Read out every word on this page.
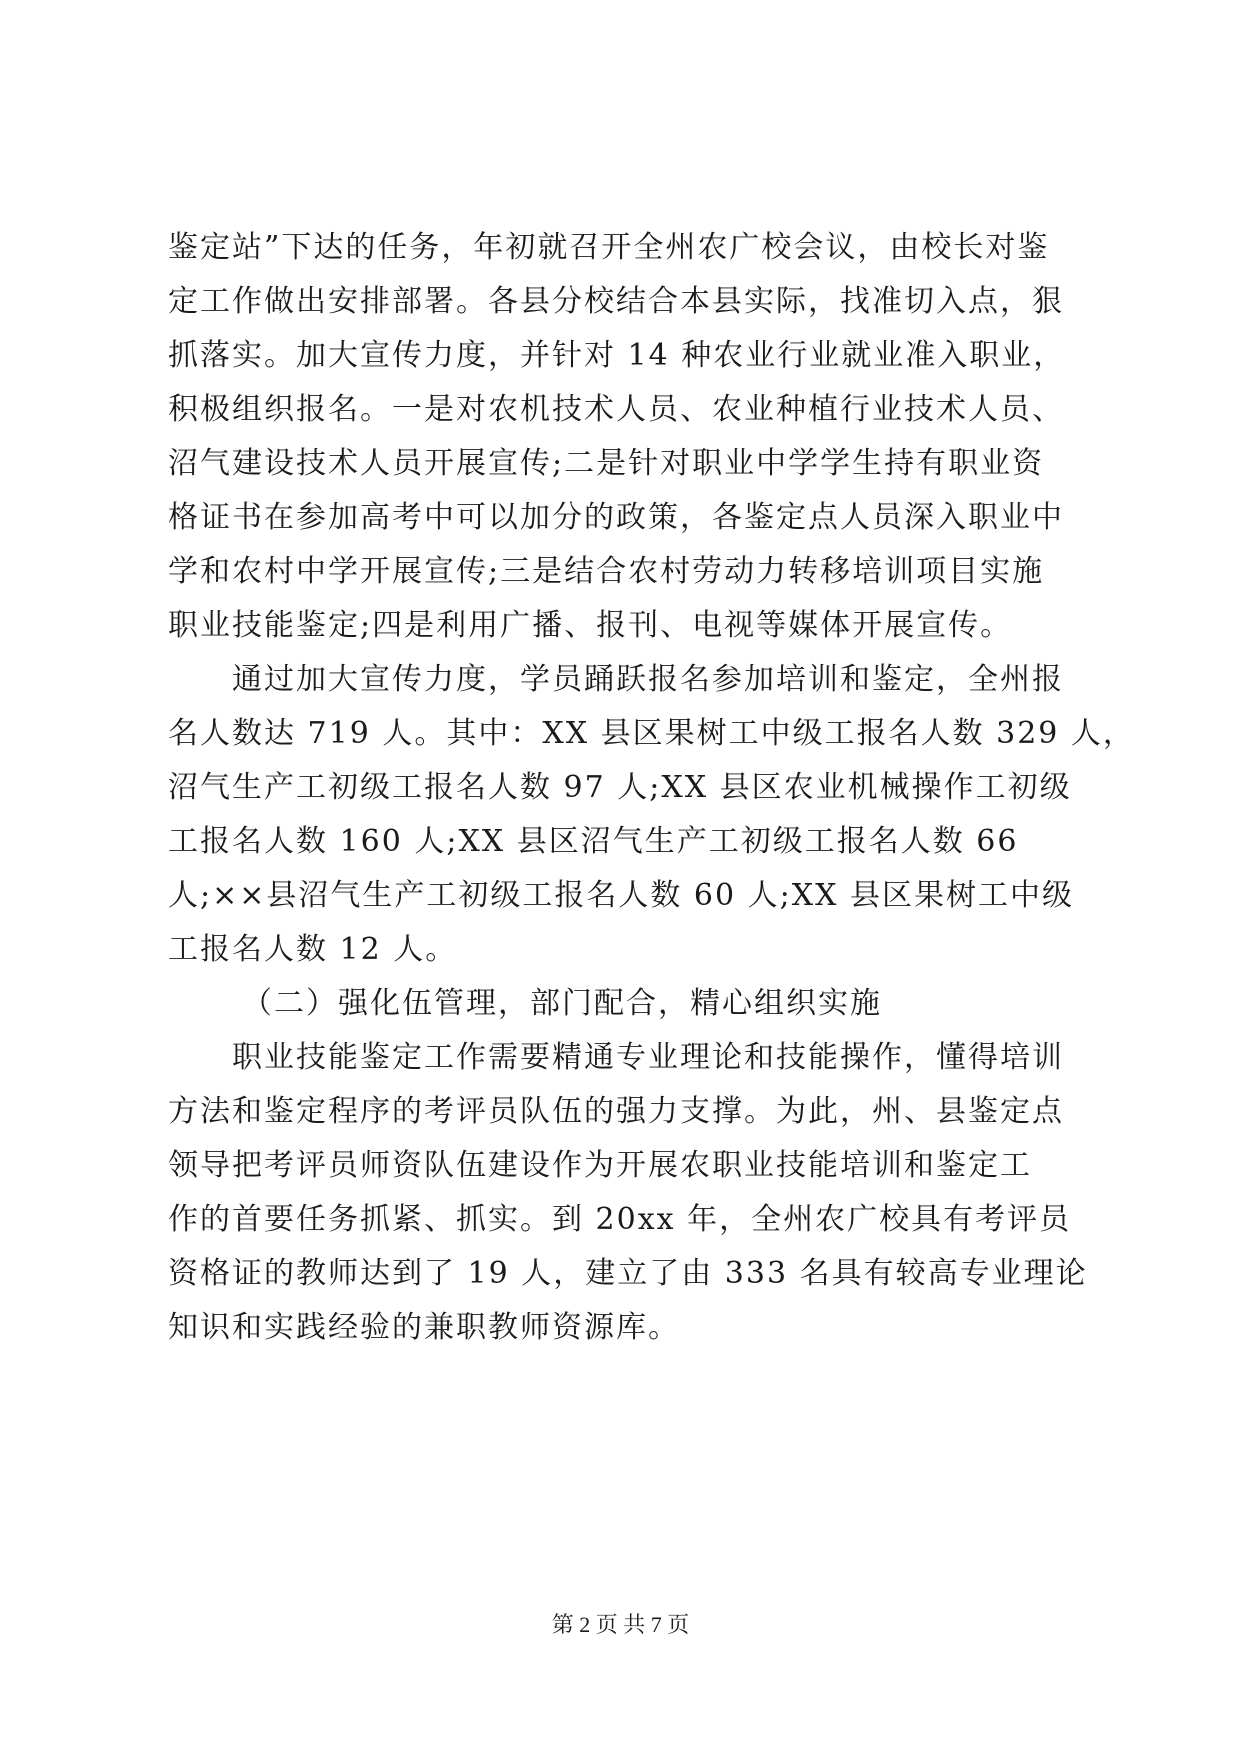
鉴定站”下达的任务，年初就召开全州农广校会议，由校长对鉴
定工作做出安排部署。各县分校结合本县实际，找准切入点，狠
抓落实。加大宣传力度，并针对 14 种农业行业就业准入职业，
积极组织报名。一是对农机技术人员、农业种植行业技术人员、
沼气建设技术人员开展宣传;二是针对职业中学学生持有职业资
格证书在参加高考中可以加分的政策，各鉴定点人员深入职业中
学和农村中学开展宣传;三是结合农村劳动力转移培训项目实施
职业技能鉴定;四是利用广播、报刊、电视等媒体开展宣传。
通过加大宣传力度，学员踊跃报名参加培训和鉴定，全州报
名人数达 719 人。其中：XX 县区果树工中级工报名人数 329 人，
沼气生产工初级工报名人数 97 人;XX 县区农业机械操作工初级
工报名人数 160 人;XX 县区沼气生产工初级工报名人数 66
人;××县沼气生产工初级工报名人数 60 人;XX 县区果树工中级
工报名人数 12 人。
（二）强化伍管理，部门配合，精心组织实施
职业技能鉴定工作需要精通专业理论和技能操作，懂得培训
方法和鉴定程序的考评员队伍的强力支撑。为此，州、县鉴定点
领导把考评员师资队伍建设作为开展农职业技能培训和鉴定工
作的首要任务抓紧、抓实。到 20xx 年，全州农广校具有考评员
资格证的教师达到了 19 人，建立了由 333 名具有较高专业理论
知识和实践经验的兼职教师资源库。
第 2 页 共 7 页
